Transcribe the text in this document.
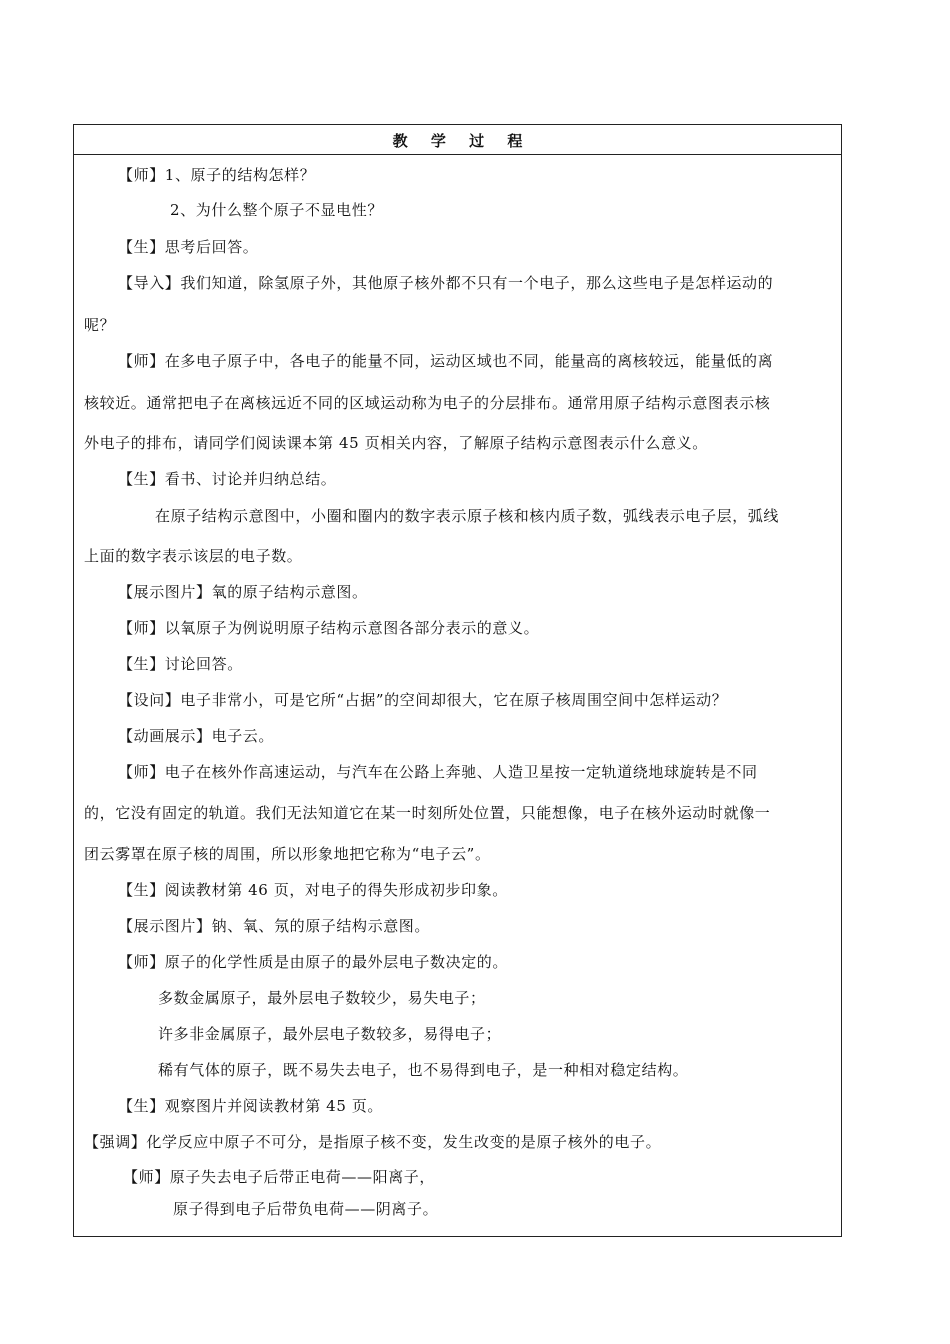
教 学 过 程
【师】1、原子的结构怎样？
2、为什么整个原子不显电性？
【生】思考后回答。
【导入】我们知道，除氢原子外，其他原子核外都不只有一个电子，那么这些电子是怎样运动的
呢？
【师】在多电子原子中，各电子的能量不同，运动区域也不同，能量高的离核较远，能量低的离
核较近。通常把电子在离核远近不同的区域运动称为电子的分层排布。通常用原子结构示意图表示核
外电子的排布，请同学们阅读课本第 45 页相关内容，了解原子结构示意图表示什么意义。
【生】看书、讨论并归纳总结。
在原子结构示意图中，小圈和圈内的数字表示原子核和核内质子数，弧线表示电子层，弧线
上面的数字表示该层的电子数。
【展示图片】氧的原子结构示意图。
【师】以氧原子为例说明原子结构示意图各部分表示的意义。
【生】讨论回答。
【设问】电子非常小，可是它所“占据”的空间却很大，它在原子核周围空间中怎样运动？
【动画展示】电子云。
【师】电子在核外作高速运动，与汽车在公路上奔驰、人造卫星按一定轨道绕地球旋转是不同
的，它没有固定的轨道。我们无法知道它在某一时刻所处位置，只能想像，电子在核外运动时就像一
团云雾罩在原子核的周围，所以形象地把它称为“电子云”。
【生】阅读教材第 46 页，对电子的得失形成初步印象。
【展示图片】钠、氧、氖的原子结构示意图。
【师】原子的化学性质是由原子的最外层电子数决定的。
多数金属原子，最外层电子数较少，易失电子；
许多非金属原子，最外层电子数较多，易得电子；
稀有气体的原子，既不易失去电子，也不易得到电子，是一种相对稳定结构。
【生】观察图片并阅读教材第 45 页。
【强调】化学反应中原子不可分，是指原子核不变，发生改变的是原子核外的电子。
【师】原子失去电子后带正电荷——阳离子，
原子得到电子后带负电荷——阴离子。
